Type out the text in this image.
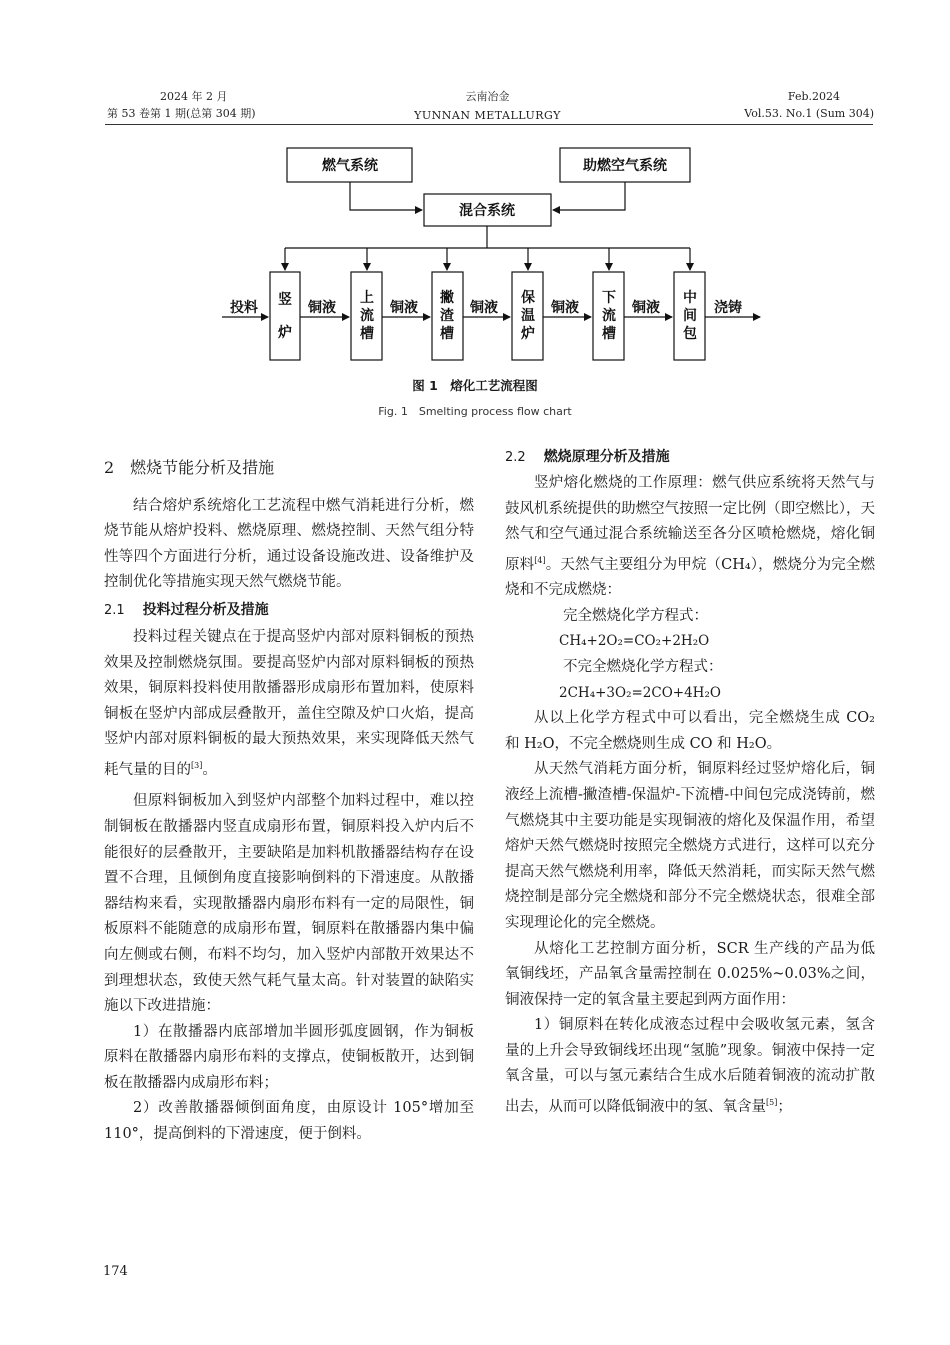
2024 年 2 月
第 53 卷第 1 期(总第 304 期)
云南冶金
YUNNAN METALLURGY
Feb.2024
Vol.53. No.1 (Sum 304)
燃气系统	助燃空气系统
混合系统
投料	铜液	铜液	铜液	铜液	铜液	浇铸
竖
炉
上
流
槽
撇
渣
槽
保
温
炉
下
流
槽
中
间
包
图 1　熔化工艺流程图
Fig. 1　Smelting process flow chart

2　燃烧节能分析及措施

结合熔炉系统熔化工艺流程中燃气消耗进行分析，燃烧节能从熔炉投料、燃烧原理、燃烧控制、天然气组分特性等四个方面进行分析，通过设备设施改进、设备维护及控制优化等措施实现天然气燃烧节能。

2.1 投料过程分析及措施

投料过程关键点在于提高竖炉内部对原料铜板的预热效果及控制燃烧氛围。要提高竖炉内部对原料铜板的预热效果，铜原料投料使用散播器形成扇形布置加料，使原料铜板在竖炉内部成层叠散开，盖住空隙及炉口火焰，提高竖炉内部对原料铜板的最大预热效果，来实现降低天然气耗气量的目的[3]。

但原料铜板加入到竖炉内部整个加料过程中，难以控制铜板在散播器内竖直成扇形布置，铜原料投入炉内后不能很好的层叠散开，主要缺陷是加料机散播器结构存在设置不合理，且倾倒角度直接影响倒料的下滑速度。从散播器结构来看，实现散播器内扇形布料有一定的局限性，铜板原料不能随意的成扇形布置，铜原料在散播器内集中偏向左侧或右侧，布料不均匀，加入竖炉内部散开效果达不到理想状态，致使天然气耗气量太高。针对装置的缺陷实施以下改进措施：

1）在散播器内底部增加半圆形弧度圆钢，作为铜板原料在散播器内扇形布料的支撑点，使铜板散开，达到铜板在散播器内成扇形布料；

2）改善散播器倾倒面角度，由原设计 105°增加至 110°，提高倒料的下滑速度，便于倒料。

2.2 燃烧原理分析及措施

竖炉熔化燃烧的工作原理：燃气供应系统将天然气与鼓风机系统提供的助燃空气按照一定比例（即空燃比），天然气和空气通过混合系统输送至各分区喷枪燃烧，熔化铜原料[4]。天然气主要组分为甲烷（CH₄），燃烧分为完全燃烧和不完成燃烧：

完全燃烧化学方程式：

CH₄+2O₂=CO₂+2H₂O

不完全燃烧化学方程式：

2CH₄+3O₂=2CO+4H₂O

从以上化学方程式中可以看出，完全燃烧生成 CO₂ 和 H₂O，不完全燃烧则生成 CO 和 H₂O。

从天然气消耗方面分析，铜原料经过竖炉熔化后，铜液经上流槽-撇渣槽-保温炉-下流槽-中间包完成浇铸前，燃气燃烧其中主要功能是实现铜液的熔化及保温作用，希望熔炉天然气燃烧时按照完全燃烧方式进行，这样可以充分提高天然气燃烧利用率，降低天然消耗，而实际天然气燃烧控制是部分完全燃烧和部分不完全燃烧状态，很难全部实现理论化的完全燃烧。

从熔化工艺控制方面分析，SCR 生产线的产品为低氧铜线坯，产品氧含量需控制在 0.025%~0.03%之间，铜液保持一定的氧含量主要起到两方面作用：

1）铜原料在转化成液态过程中会吸收氢元素，氢含量的上升会导致铜线坯出现“氢脆”现象。铜液中保持一定氧含量，可以与氢元素结合生成水后随着铜液的流动扩散出去，从而可以降低铜液中的氢、氧含量[5]；

174
